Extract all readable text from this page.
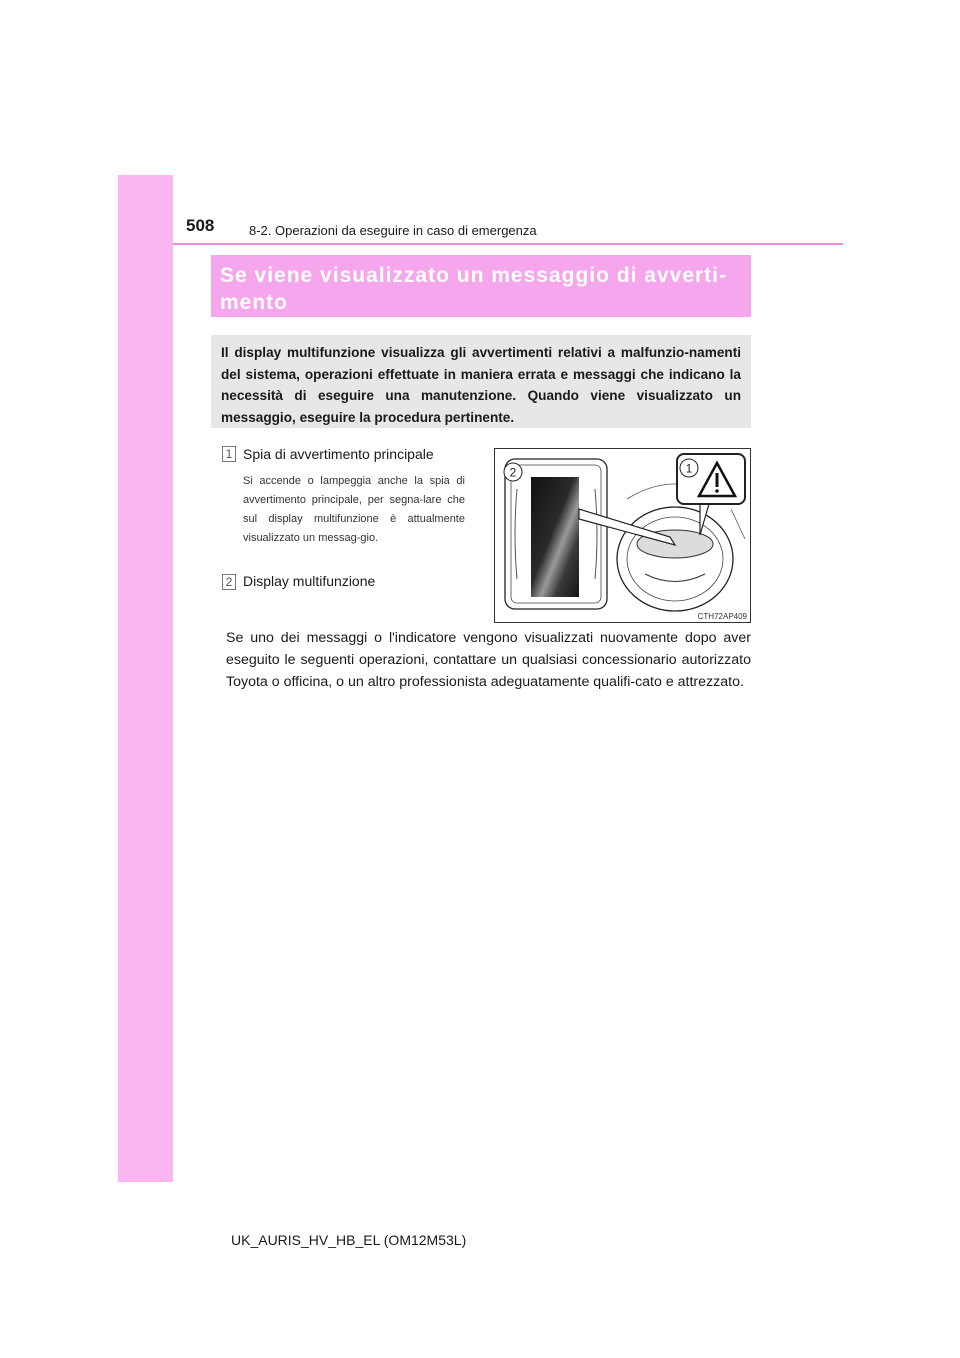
508	8-2. Operazioni da eseguire in caso di emergenza

Se viene visualizzato un messaggio di avverti-
mento

Il display multifunzione visualizza gli avvertimenti relativi a malfunzio-namenti del sistema, operazioni effettuate in maniera errata e messaggi che indicano la necessità di eseguire una manutenzione. Quando viene visualizzato un messaggio, eseguire la procedura pertinente.

1 Spia di avvertimento principale

Si accende o lampeggia anche la spia di avvertimento principale, per segna-lare che sul display multifunzione è attualmente visualizzato un messag-gio.

2 Display multifunzione
2	1
CTH72AP409

Se uno dei messaggi o l'indicatore vengono visualizzati nuovamente dopo aver eseguito le seguenti operazioni, contattare un qualsiasi concessionario autorizzato Toyota o officina, o un altro professionista adeguatamente qualifi-cato e attrezzato.

UK_AURIS_HV_HB_EL (OM12M53L)
